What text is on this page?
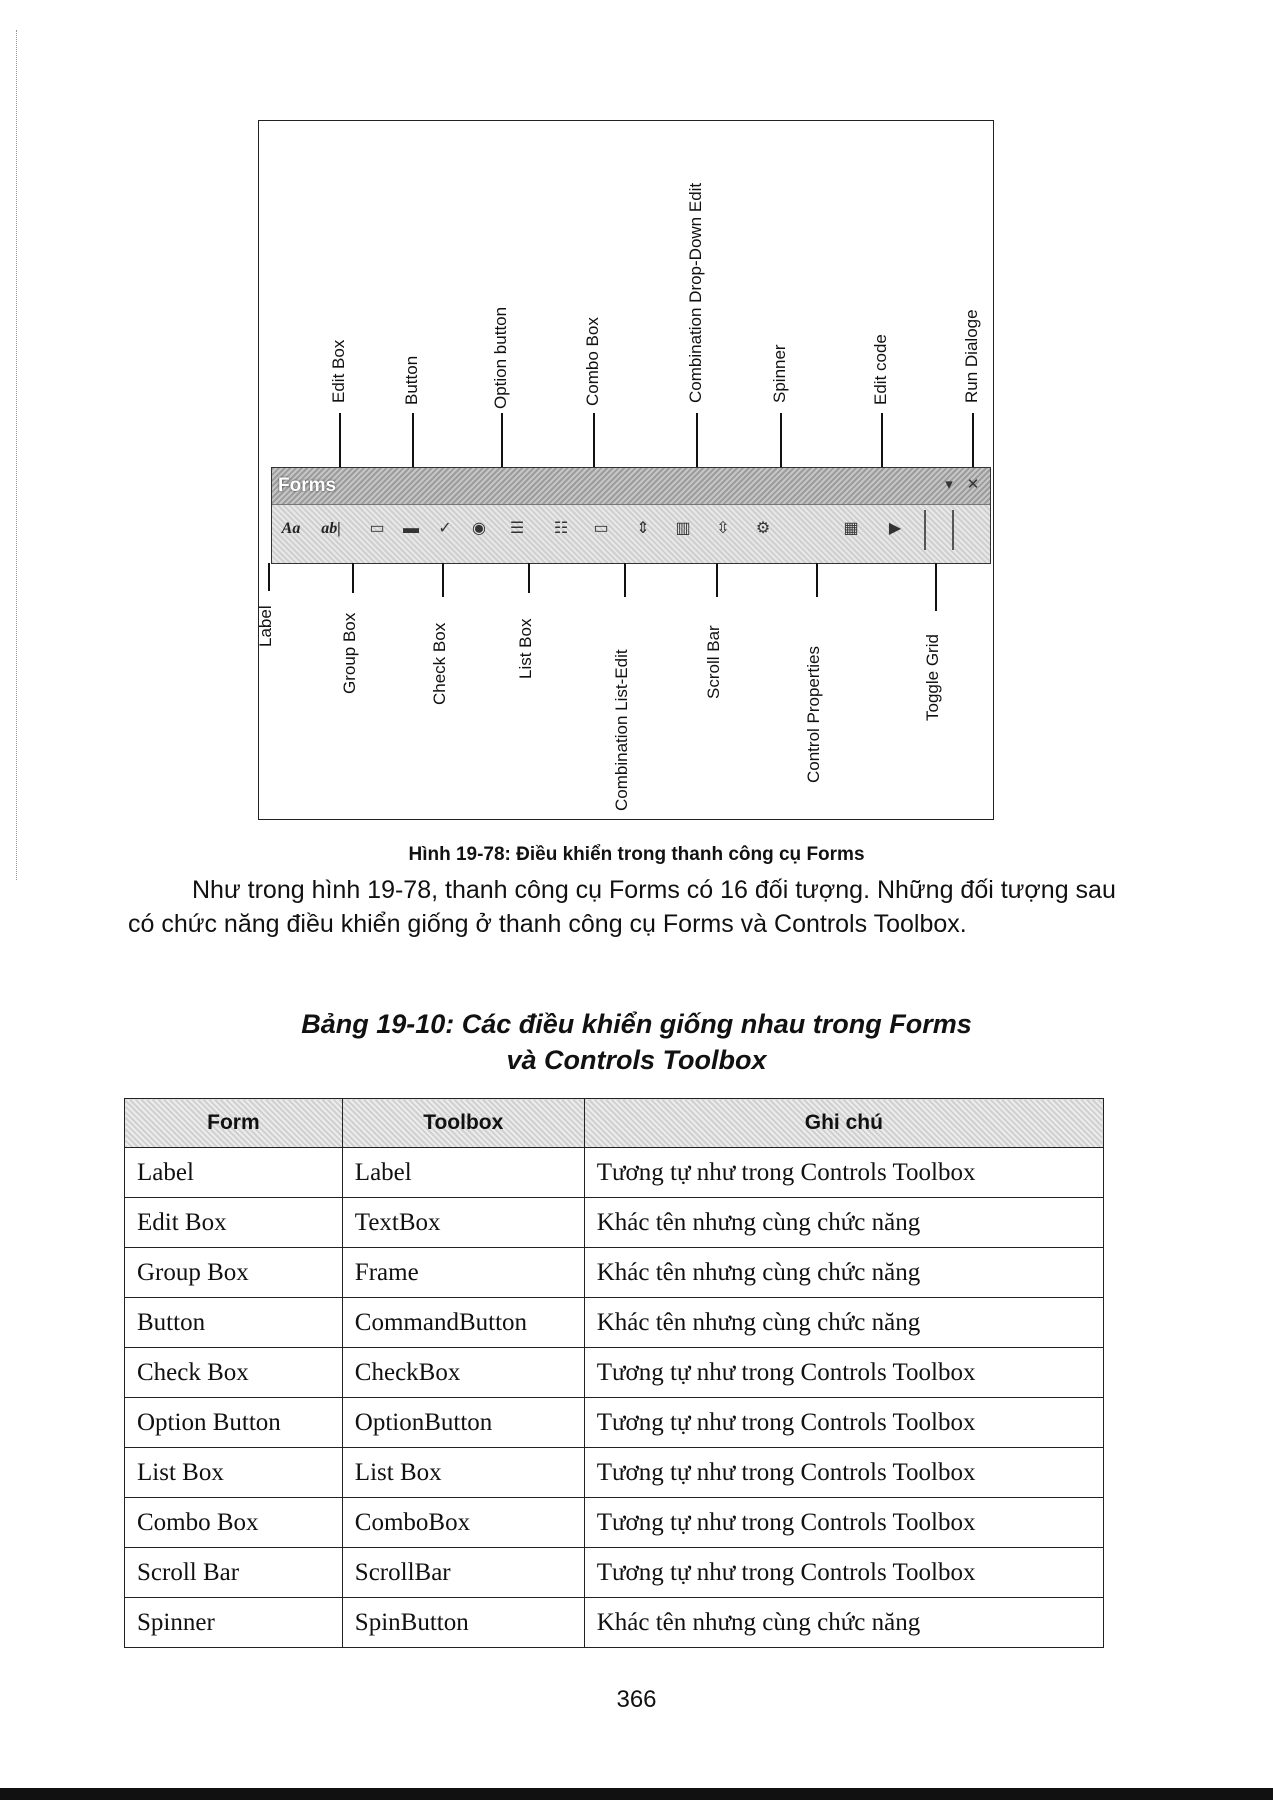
Edit Box	Button	Option button	Combo Box	Combination Drop-Down Edit	Spinner	Edit code	Run Dialoge
Forms	▾ ✕
Aa ab|	▭	▬	✓	◉	☰	☷	▭	⇕	▥	⇳	⚙	▦	▶
Label	Group Box	Check Box	List Box
Combination List-Edit	Scroll Bar	Control Properties	Toggle Grid
Hình 19-78: Điều khiển trong thanh công cụ Forms
Như trong hình 19-78, thanh công cụ Forms có 16 đối tượng. Những đối tượng sau có chức năng điều khiển giống ở thanh công cụ Forms và Controls Toolbox.
Bảng 19-10: Các điều khiển giống nhau trong Forms
và Controls Toolbox
Form	Toolbox	Ghi chú
Label	Label	Tương tự như trong Controls Toolbox
Edit Box	TextBox	Khác tên nhưng cùng chức năng
Group Box	Frame	Khác tên nhưng cùng chức năng
Button	CommandButton	Khác tên nhưng cùng chức năng
Check Box	CheckBox	Tương tự như trong Controls Toolbox
Option Button	OptionButton	Tương tự như trong Controls Toolbox
List Box	List Box	Tương tự như trong Controls Toolbox
Combo Box	ComboBox	Tương tự như trong Controls Toolbox
Scroll Bar	ScrollBar	Tương tự như trong Controls Toolbox
Spinner	SpinButton	Khác tên nhưng cùng chức năng
366
